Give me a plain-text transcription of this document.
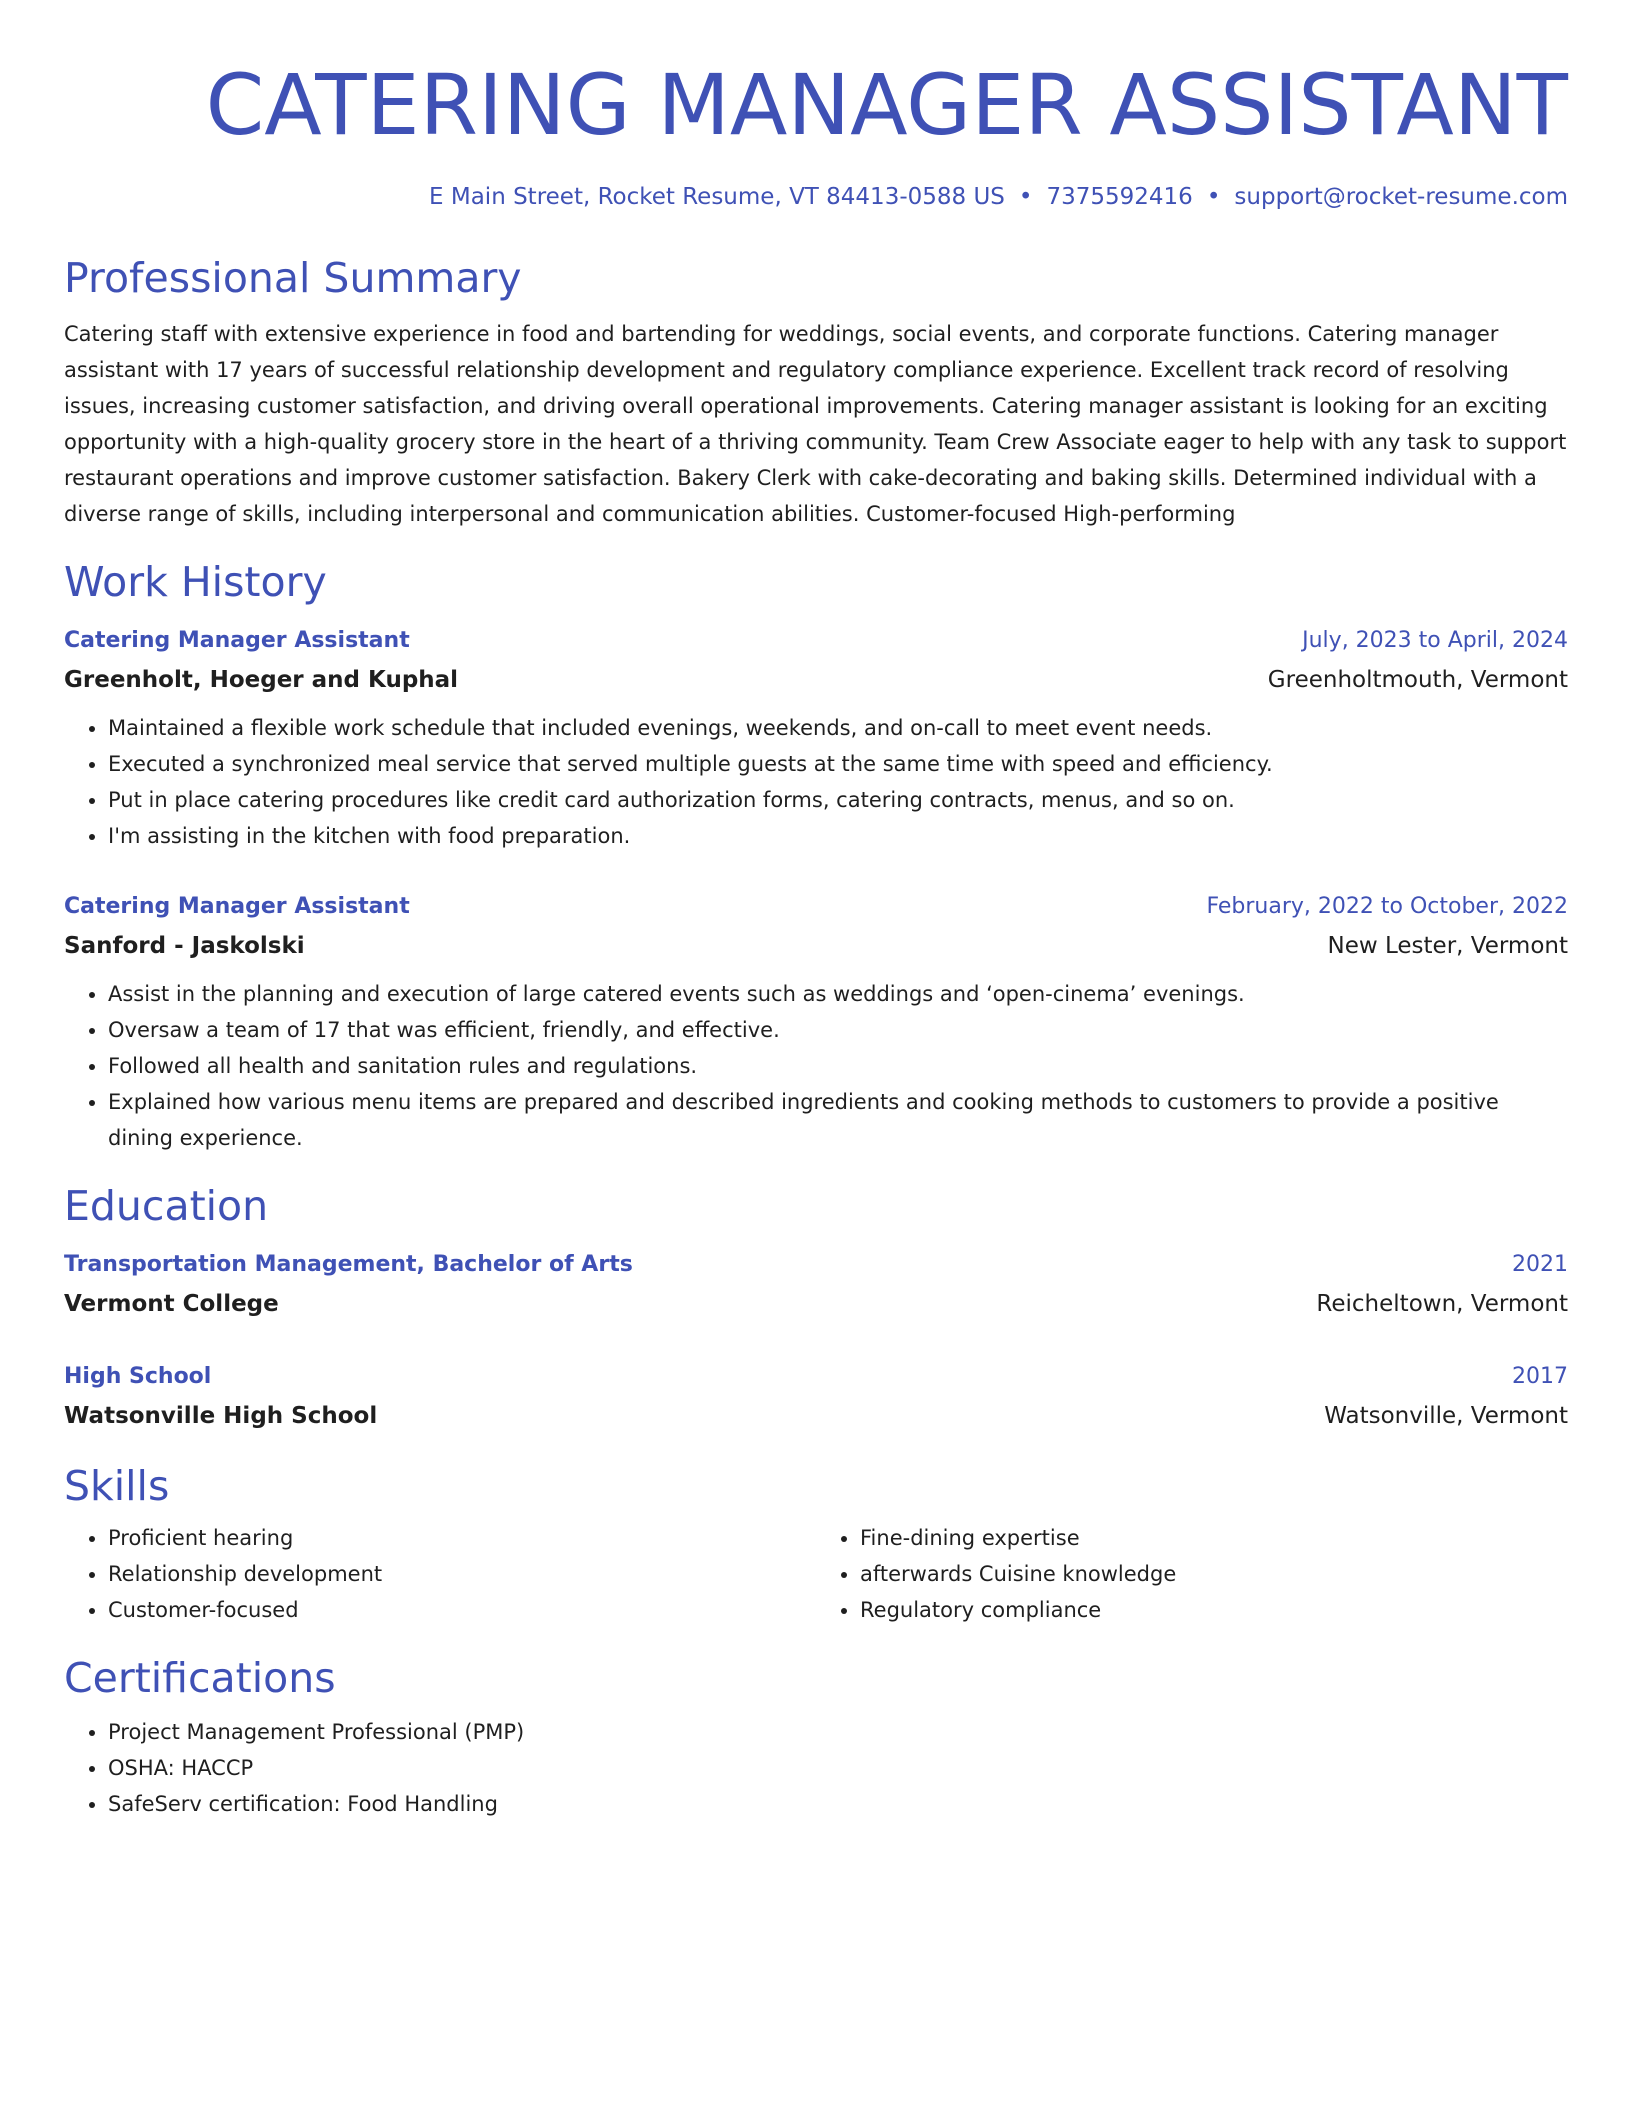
CATERING MANAGER ASSISTANT
E Main Street, Rocket Resume, VT 84413-0588 US • 7375592416 • support@rocket-resume.com
Professional Summary

Catering staff with extensive experience in food and bartending for weddings, social events, and corporate functions. Catering manager assistant with 17 years of successful relationship development and regulatory compliance experience. Excellent track record of resolving issues, increasing customer satisfaction, and driving overall operational improvements. Catering manager assistant is looking for an exciting opportunity with a high-quality grocery store in the heart of a thriving community. Team Crew Associate eager to help with any task to support restaurant operations and improve customer satisfaction. Bakery Clerk with cake-decorating and baking skills. Determined individual with a diverse range of skills, including interpersonal and communication abilities. Customer-focused High-performing

Work History
Catering Manager Assistant	July, 2023 to April, 2024
Greenholt, Hoeger and Kuphal	Greenholtmouth, Vermont
• Maintained a flexible work schedule that included evenings, weekends, and on-call to meet event needs.
• Executed a synchronized meal service that served multiple guests at the same time with speed and efficiency.
• Put in place catering procedures like credit card authorization forms, catering contracts, menus, and so on.
• I'm assisting in the kitchen with food preparation.
Catering Manager Assistant	February, 2022 to October, 2022
Sanford - Jaskolski	New Lester, Vermont
• Assist in the planning and execution of large catered events such as weddings and ‘open-cinema’ evenings.
• Oversaw a team of 17 that was efficient, friendly, and effective.
• Followed all health and sanitation rules and regulations.
• Explained how various menu items are prepared and described ingredients and cooking methods to customers to provide a positive dining experience.
Education
Transportation Management, Bachelor of Arts	2021
Vermont College	Reicheltown, Vermont
High School	2017
Watsonville High School	Watsonville, Vermont
Skills
• Proficient hearing
• Relationship development
• Customer-focused
• Fine-dining expertise
• afterwards Cuisine knowledge
• Regulatory compliance
Certifications
• Project Management Professional (PMP)
• OSHA: HACCP
• SafeServ certification: Food Handling
